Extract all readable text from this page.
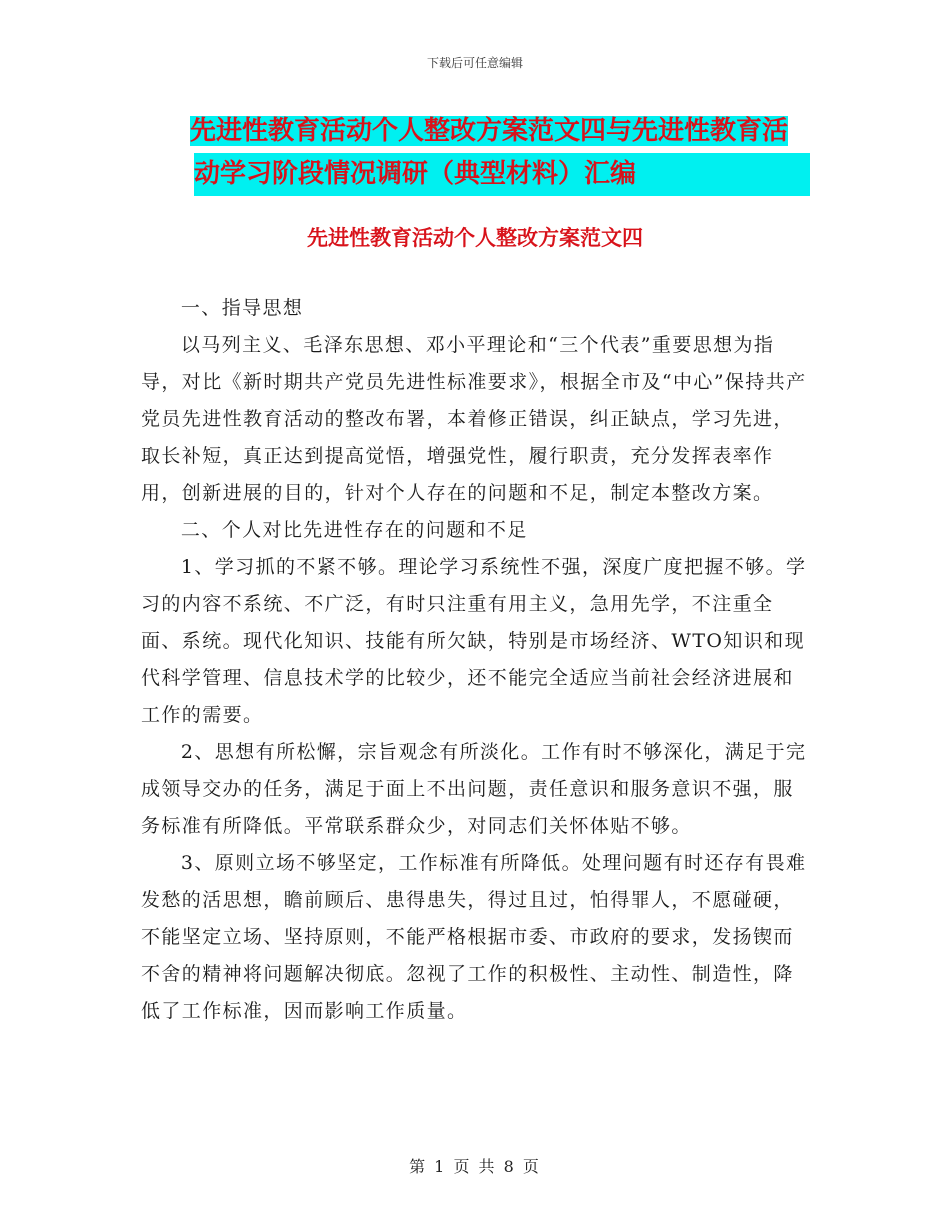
下载后可任意编辑
先进性教育活动个人整改方案范文四与先进性教育活
动学习阶段情况调研（典型材料）汇编
先进性教育活动个人整改方案范文四

一、指导思想

以马列主义、毛泽东思想、邓小平理论和“三个代表”重要思想为指导，对比《新时期共产党员先进性标准要求》，根据全市及“中心”保持共产党员先进性教育活动的整改布署，本着修正错误，纠正缺点，学习先进，取长补短，真正达到提高觉悟，增强党性，履行职责，充分发挥表率作用，创新进展的目的，针对个人存在的问题和不足，制定本整改方案。

二、个人对比先进性存在的问题和不足

1、学习抓的不紧不够。理论学习系统性不强，深度广度把握不够。学习的内容不系统、不广泛，有时只注重有用主义，急用先学，不注重全面、系统。现代化知识、技能有所欠缺，特别是市场经济、WTO知识和现代科学管理、信息技术学的比较少，还不能完全适应当前社会经济进展和工作的需要。

2、思想有所松懈，宗旨观念有所淡化。工作有时不够深化，满足于完成领导交办的任务，满足于面上不出问题，责任意识和服务意识不强，服务标准有所降低。平常联系群众少，对同志们关怀体贴不够。

3、原则立场不够坚定，工作标准有所降低。处理问题有时还存有畏难发愁的活思想，瞻前顾后、患得患失，得过且过，怕得罪人，不愿碰硬，不能坚定立场、坚持原则，不能严格根据市委、市政府的要求，发扬锲而不舍的精神将问题解决彻底。忽视了工作的积极性、主动性、制造性，降低了工作标准，因而影响工作质量。

第 1 页 共 8 页
